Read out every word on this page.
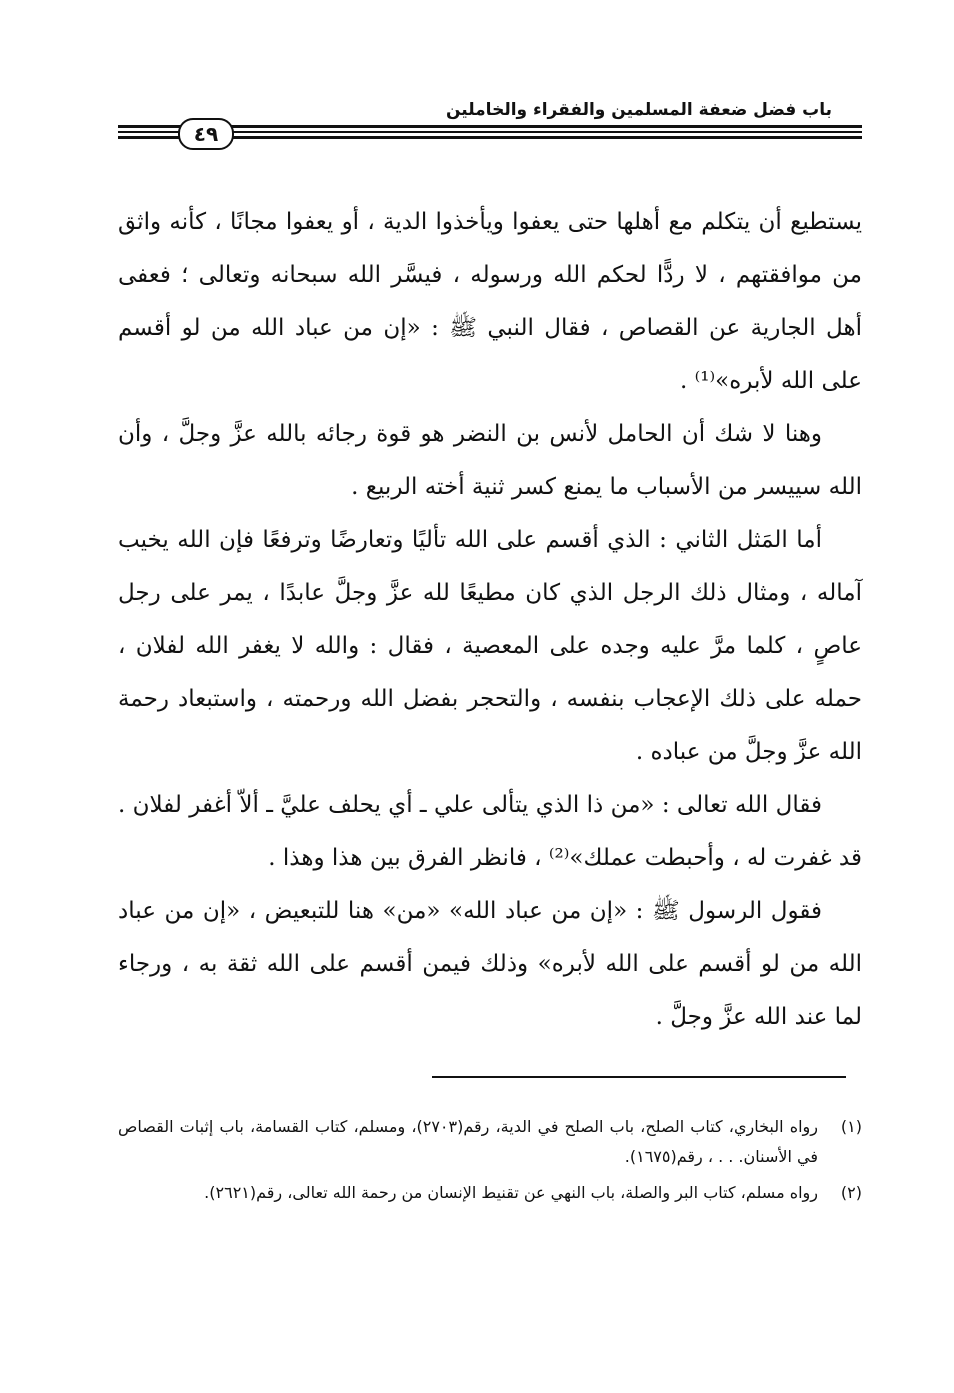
باب فضل ضعفة المسلمين والفقراء والخاملين
٤٩

يستطيع أن يتكلم مع أهلها حتى يعفوا ويأخذوا الدية ، أو يعفوا مجانًا ، كأنه واثق من موافقتهم ، لا ردًّا لحكم الله ورسوله ، فيسَّر الله سبحانه وتعالى ؛ فعفى أهل الجارية عن القصاص ، فقال النبي ﷺ : «إن من عباد الله من لو أقسم على الله لأبره»⁽¹⁾ .

وهنا لا شك أن الحامل لأنس بن النضر هو قوة رجائه بالله عزَّ وجلَّ ، وأن الله سييسر من الأسباب ما يمنع كسر ثنية أخته الربيع .

أما المَثل الثاني : الذي أقسم على الله تأليًا وتعارضًا وترفعًا فإن الله يخيب آماله ، ومثال ذلك الرجل الذي كان مطيعًا لله عزَّ وجلَّ عابدًا ، يمر على رجل عاصٍ ، كلما مرَّ عليه وجده على المعصية ، فقال : والله لا يغفر الله لفلان ، حمله على ذلك الإعجاب بنفسه ، والتحجر بفضل الله ورحمته ، واستبعاد رحمة الله عزَّ وجلَّ من عباده .

فقال الله تعالى : «من ذا الذي يتألى علي ـ أي يحلف عليَّ ـ ألاّ أغفر لفلان . قد غفرت له ، وأحبطت عملك»⁽²⁾ ، فانظر الفرق بين هذا وهذا .

فقول الرسول ﷺ : «إن من عباد الله» «من» هنا للتبعيض ، «إن من عباد الله من لو أقسم على الله لأبره» وذلك فيمن أقسم على الله ثقة به ، ورجاء لما عند الله عزَّ وجلَّ .

(١)
رواه البخاري، كتاب الصلح، باب الصلح في الدية، رقم(٢٧٠٣)، ومسلم، كتاب القسامة، باب إثبات القصاص في الأسنان. . . ، رقم(١٦٧٥).
(٢)
رواه مسلم، كتاب البر والصلة، باب النهي عن تقنيط الإنسان من رحمة الله تعالى، رقم(٢٦٢١).
